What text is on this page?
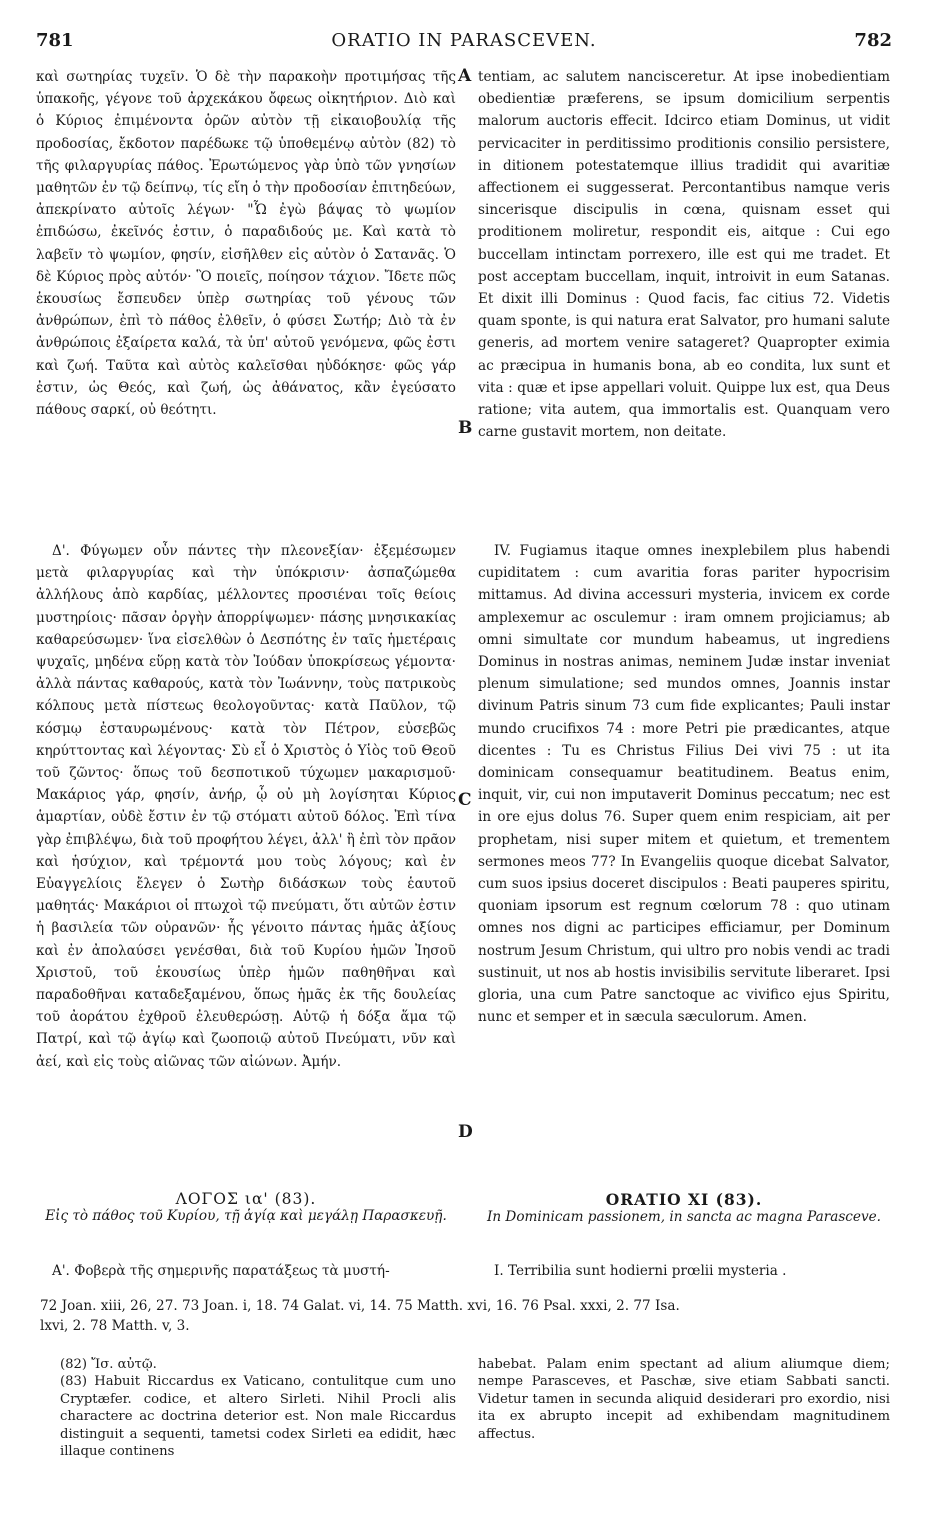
781	ORATIO IN PARASCEVEN.	782

καὶ σωτηρίας τυχεῖν. Ὁ δὲ τὴν παρακοὴν προτιμήσας τῆς ὑπακοῆς, γέγονε τοῦ ἀρχεκάκου ὄφεως οἰκητήριον. Διὸ καὶ ὁ Κύριος ἐπιμένοντα ὁρῶν αὐτὸν τῇ εἰκαιοβουλίᾳ τῆς προδοσίας, ἔκδοτον παρέδωκε τῷ ὑποθεμένῳ αὐτὸν (82) τὸ τῆς φιλαργυρίας πάθος. Ἐρωτώμενος γὰρ ὑπὸ τῶν γνησίων μαθητῶν ἐν τῷ δείπνῳ, τίς εἴη ὁ τὴν προδοσίαν ἐπιτηδεύων, ἀπεκρίνατο αὐτοῖς λέγων· "Ὧ ἐγὼ βάψας τὸ ψωμίον ἐπιδώσω, ἐκεῖνός ἐστιν, ὁ παραδιδούς με. Καὶ κατὰ τὸ λαβεῖν τὸ ψωμίον, φησίν, εἰσῆλθεν εἰς αὐτὸν ὁ Σατανᾶς. Ὁ δὲ Κύριος πρὸς αὐτόν· Ὃ ποιεῖς, ποίησον τάχιον. Ἴδετε πῶς ἑκουσίως ἔσπευδεν ὑπὲρ σωτηρίας τοῦ γένους τῶν ἀνθρώπων, ἐπὶ τὸ πάθος ἐλθεῖν, ὁ φύσει Σωτήρ; Διὸ τὰ ἐν ἀνθρώποις ἐξαίρετα καλά, τὰ ὑπ' αὐτοῦ γενόμενα, φῶς ἐστι καὶ ζωή. Ταῦτα καὶ αὐτὸς καλεῖσθαι ηὐδόκησε· φῶς γάρ ἐστιν, ὡς Θεός, καὶ ζωή, ὡς ἀθάνατος, κἂν ἐγεύσατο πάθους σαρκί, οὐ θεότητι.

Δ'. Φύγωμεν οὖν πάντες τὴν πλεονεξίαν· ἐξεμέσωμεν μετὰ φιλαργυρίας καὶ τὴν ὑπόκρισιν· ἀσπαζώμεθα ἀλλήλους ἀπὸ καρδίας, μέλλοντες προσιέναι τοῖς θείοις μυστηρίοις· πᾶσαν ὀργὴν ἀπορρίψωμεν· πάσης μνησικακίας καθαρεύσωμεν· ἵνα εἰσελθὼν ὁ Δεσπότης ἐν ταῖς ἡμετέραις ψυχαῖς, μηδένα εὕρῃ κατὰ τὸν Ἰούδαν ὑποκρίσεως γέμοντα· ἀλλὰ πάντας καθαρούς, κατὰ τὸν Ἰωάννην, τοὺς πατρικοὺς κόλπους μετὰ πίστεως θεολογοῦντας· κατὰ Παῦλον, τῷ κόσμῳ ἐσταυρωμένους· κατὰ τὸν Πέτρον, εὐσεβῶς κηρύττοντας καὶ λέγοντας· Σὺ εἶ ὁ Χριστὸς ὁ Υἱὸς τοῦ Θεοῦ τοῦ ζῶντος· ὅπως τοῦ δεσποτικοῦ τύχωμεν μακαρισμοῦ· Μακάριος γάρ, φησίν, ἀνήρ, ᾧ οὐ μὴ λογίσηται Κύριος ἁμαρτίαν, οὐδὲ ἔστιν ἐν τῷ στόματι αὐτοῦ δόλος. Ἐπὶ τίνα γὰρ ἐπιβλέψω, διὰ τοῦ προφήτου λέγει, ἀλλ' ἢ ἐπὶ τὸν πρᾶον καὶ ἡσύχιον, καὶ τρέμοντά μου τοὺς λόγους; καὶ ἐν Εὐαγγελίοις ἔλεγεν ὁ Σωτὴρ διδάσκων τοὺς ἑαυτοῦ μαθητάς· Μακάριοι οἱ πτωχοὶ τῷ πνεύματι, ὅτι αὐτῶν ἐστιν ἡ βασιλεία τῶν οὐρανῶν· ἧς γένοιτο πάντας ἡμᾶς ἀξίους καὶ ἐν ἀπολαύσει γενέσθαι, διὰ τοῦ Κυρίου ἡμῶν Ἰησοῦ Χριστοῦ, τοῦ ἑκουσίως ὑπὲρ ἡμῶν παθηθῆναι καὶ παραδοθῆναι καταδεξαμένου, ὅπως ἡμᾶς ἐκ τῆς δουλείας τοῦ ἀοράτου ἐχθροῦ ἐλευθερώσῃ. Αὐτῷ ἡ δόξα ἅμα τῷ Πατρί, καὶ τῷ ἁγίῳ καὶ ζωοποιῷ αὐτοῦ Πνεύματι, νῦν καὶ ἀεί, καὶ εἰς τοὺς αἰῶνας τῶν αἰώνων. Ἀμήν.

ΛΟΓΟΣ ια' (83).
Εἰς τὸ πάθος τοῦ Κυρίου, τῇ ἁγίᾳ καὶ μεγάλῃ Παρασκευῇ.

Α'. Φοβερὰ τῆς σημερινῆς παρατάξεως τὰ μυστή-

A
B
C
D

tentiam, ac salutem nancisceretur. At ipse inobedientiam obedientiæ præferens, se ipsum domicilium serpentis malorum auctoris effecit. Idcirco etiam Dominus, ut vidit pervicaciter in perditissimo proditionis consilio persistere, in ditionem potestatemque illius tradidit qui avaritiæ affectionem ei suggesserat. Percontantibus namque veris sincerisque discipulis in cœna, quisnam esset qui proditionem moliretur, respondit eis, aitque : Cui ego buccellam intinctam porrexero, ille est qui me tradet. Et post acceptam buccellam, inquit, introivit in eum Satanas. Et dixit illi Dominus : Quod facis, fac citius 72. Videtis quam sponte, is qui natura erat Salvator, pro humani salute generis, ad mortem venire satageret? Quapropter eximia ac præcipua in humanis bona, ab eo condita, lux sunt et vita : quæ et ipse appellari voluit. Quippe lux est, qua Deus ratione; vita autem, qua immortalis est. Quanquam vero carne gustavit mortem, non deitate.

IV. Fugiamus itaque omnes inexplebilem plus habendi cupiditatem : cum avaritia foras pariter hypocrisim mittamus. Ad divina accessuri mysteria, invicem ex corde amplexemur ac osculemur : iram omnem projiciamus; ab omni simultate cor mundum habeamus, ut ingrediens Dominus in nostras animas, neminem Judæ instar inveniat plenum simulatione; sed mundos omnes, Joannis instar divinum Patris sinum 73 cum fide explicantes; Pauli instar mundo crucifixos 74 : more Petri pie prædicantes, atque dicentes : Tu es Christus Filius Dei vivi 75 : ut ita dominicam consequamur beatitudinem. Beatus enim, inquit, vir, cui non imputaverit Dominus peccatum; nec est in ore ejus dolus 76. Super quem enim respiciam, ait per prophetam, nisi super mitem et quietum, et trementem sermones meos 77? In Evangeliis quoque dicebat Salvator, cum suos ipsius doceret discipulos : Beati pauperes spiritu, quoniam ipsorum est regnum cœlorum 78 : quo utinam omnes nos digni ac participes efficiamur, per Dominum nostrum Jesum Christum, qui ultro pro nobis vendi ac tradi sustinuit, ut nos ab hostis invisibilis servitute liberaret. Ipsi gloria, una cum Patre sanctoque ac vivifico ejus Spiritu, nunc et semper et in sæcula sæculorum. Amen.

ORATIO XI (83).
In Dominicam passionem, in sancta ac magna Parasceve.

I. Terribilia sunt hodierni prœlii mysteria .

72 Joan. xiii, 26, 27. 73 Joan. i, 18. 74 Galat. vi, 14. 75 Matth. xvi, 16. 76 Psal. xxxi, 2. 77 Isa.
lxvi, 2. 78 Matth. v, 3.

(82) Ἴσ. αὐτῷ.

(83) Habuit Riccardus ex Vaticano, contulitque cum uno Cryptæfer. codice, et altero Sirleti. Nihil Procli alis charactere ac doctrina deterior est. Non male Riccardus distinguit a sequenti, tametsi codex Sirleti ea edidit, hæc illaque continens

habebat. Palam enim spectant ad alium aliumque diem; nempe Parasceves, et Paschæ, sive etiam Sabbati sancti. Videtur tamen in secunda aliquid desiderari pro exordio, nisi ita ex abrupto incepit ad exhibendam magnitudinem affectus.
